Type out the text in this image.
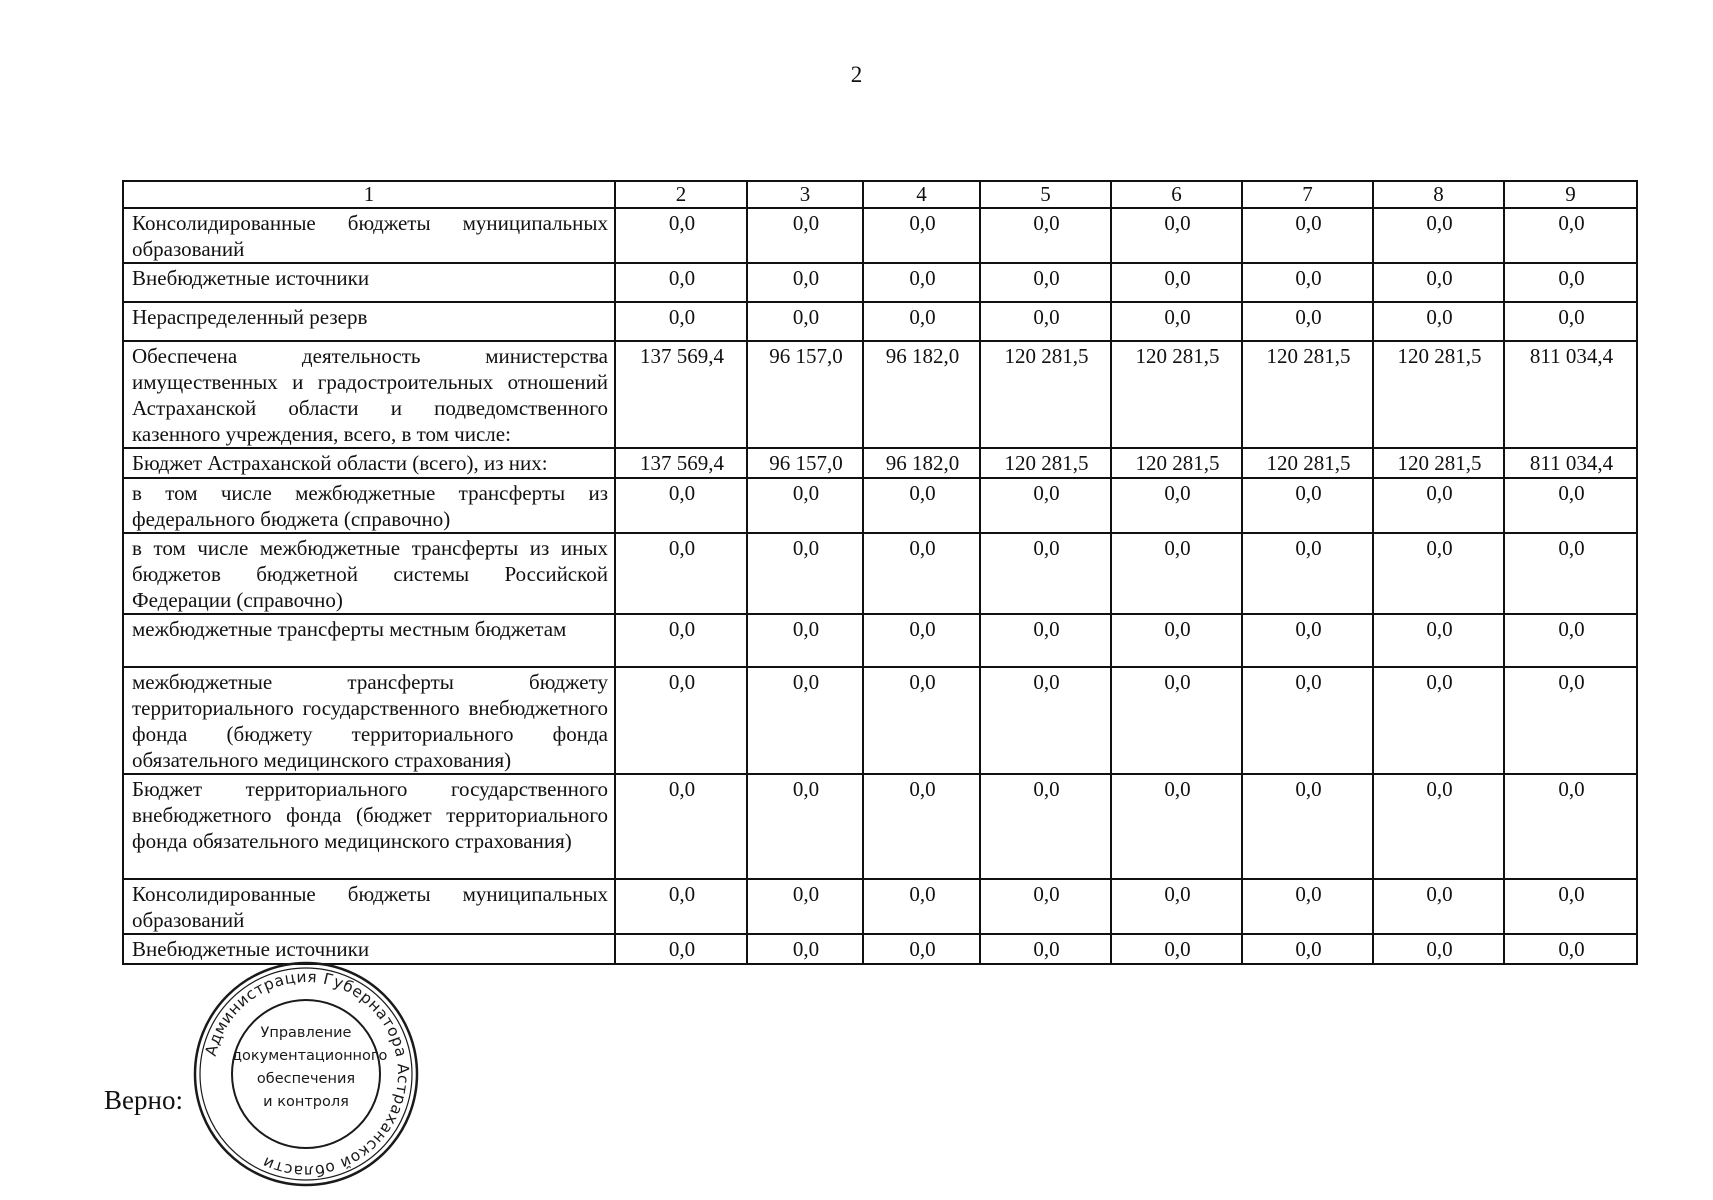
2
1	2	3	4	5	6	7	8	9
Консолидированные бюджеты муниципальных образований	0,0	0,0	0,0	0,0	0,0	0,0	0,0	0,0
Внебюджетные источники	0,0	0,0	0,0	0,0	0,0	0,0	0,0	0,0
Нераспределенный резерв	0,0	0,0	0,0	0,0	0,0	0,0	0,0	0,0
Обеспечена деятельность министерства имущественных и градостроительных отношений Астраханской области и подведомственного казенного учреждения, всего, в том числе:	137 569,4	96 157,0	96 182,0	120 281,5	120 281,5	120 281,5	120 281,5	811 034,4
Бюджет Астраханской области (всего), из них:	137 569,4	96 157,0	96 182,0	120 281,5	120 281,5	120 281,5	120 281,5	811 034,4
в том числе межбюджетные трансферты из федерального бюджета (справочно)	0,0	0,0	0,0	0,0	0,0	0,0	0,0	0,0
в том числе межбюджетные трансферты из иных бюджетов бюджетной системы Российской Федерации (справочно)	0,0	0,0	0,0	0,0	0,0	0,0	0,0	0,0
межбюджетные трансферты местным бюджетам	0,0	0,0	0,0	0,0	0,0	0,0	0,0	0,0
межбюджетные трансферты бюджету территориального государственного внебюджетного фонда (бюджету территориального фонда обязательного медицинского страхования)	0,0	0,0	0,0	0,0	0,0	0,0	0,0	0,0
Бюджет территориального государственного внебюджетного фонда (бюджет территориального фонда обязательного медицинского страхования)	0,0	0,0	0,0	0,0	0,0	0,0	0,0	0,0
Консолидированные бюджеты муниципальных образований	0,0	0,0	0,0	0,0	0,0	0,0	0,0	0,0
Внебюджетные источники	0,0	0,0	0,0	0,0	0,0	0,0	0,0	0,0
Верно:
Администрация Губернатора Астраханской области
Управление
документационного
обеспечения
и контроля
